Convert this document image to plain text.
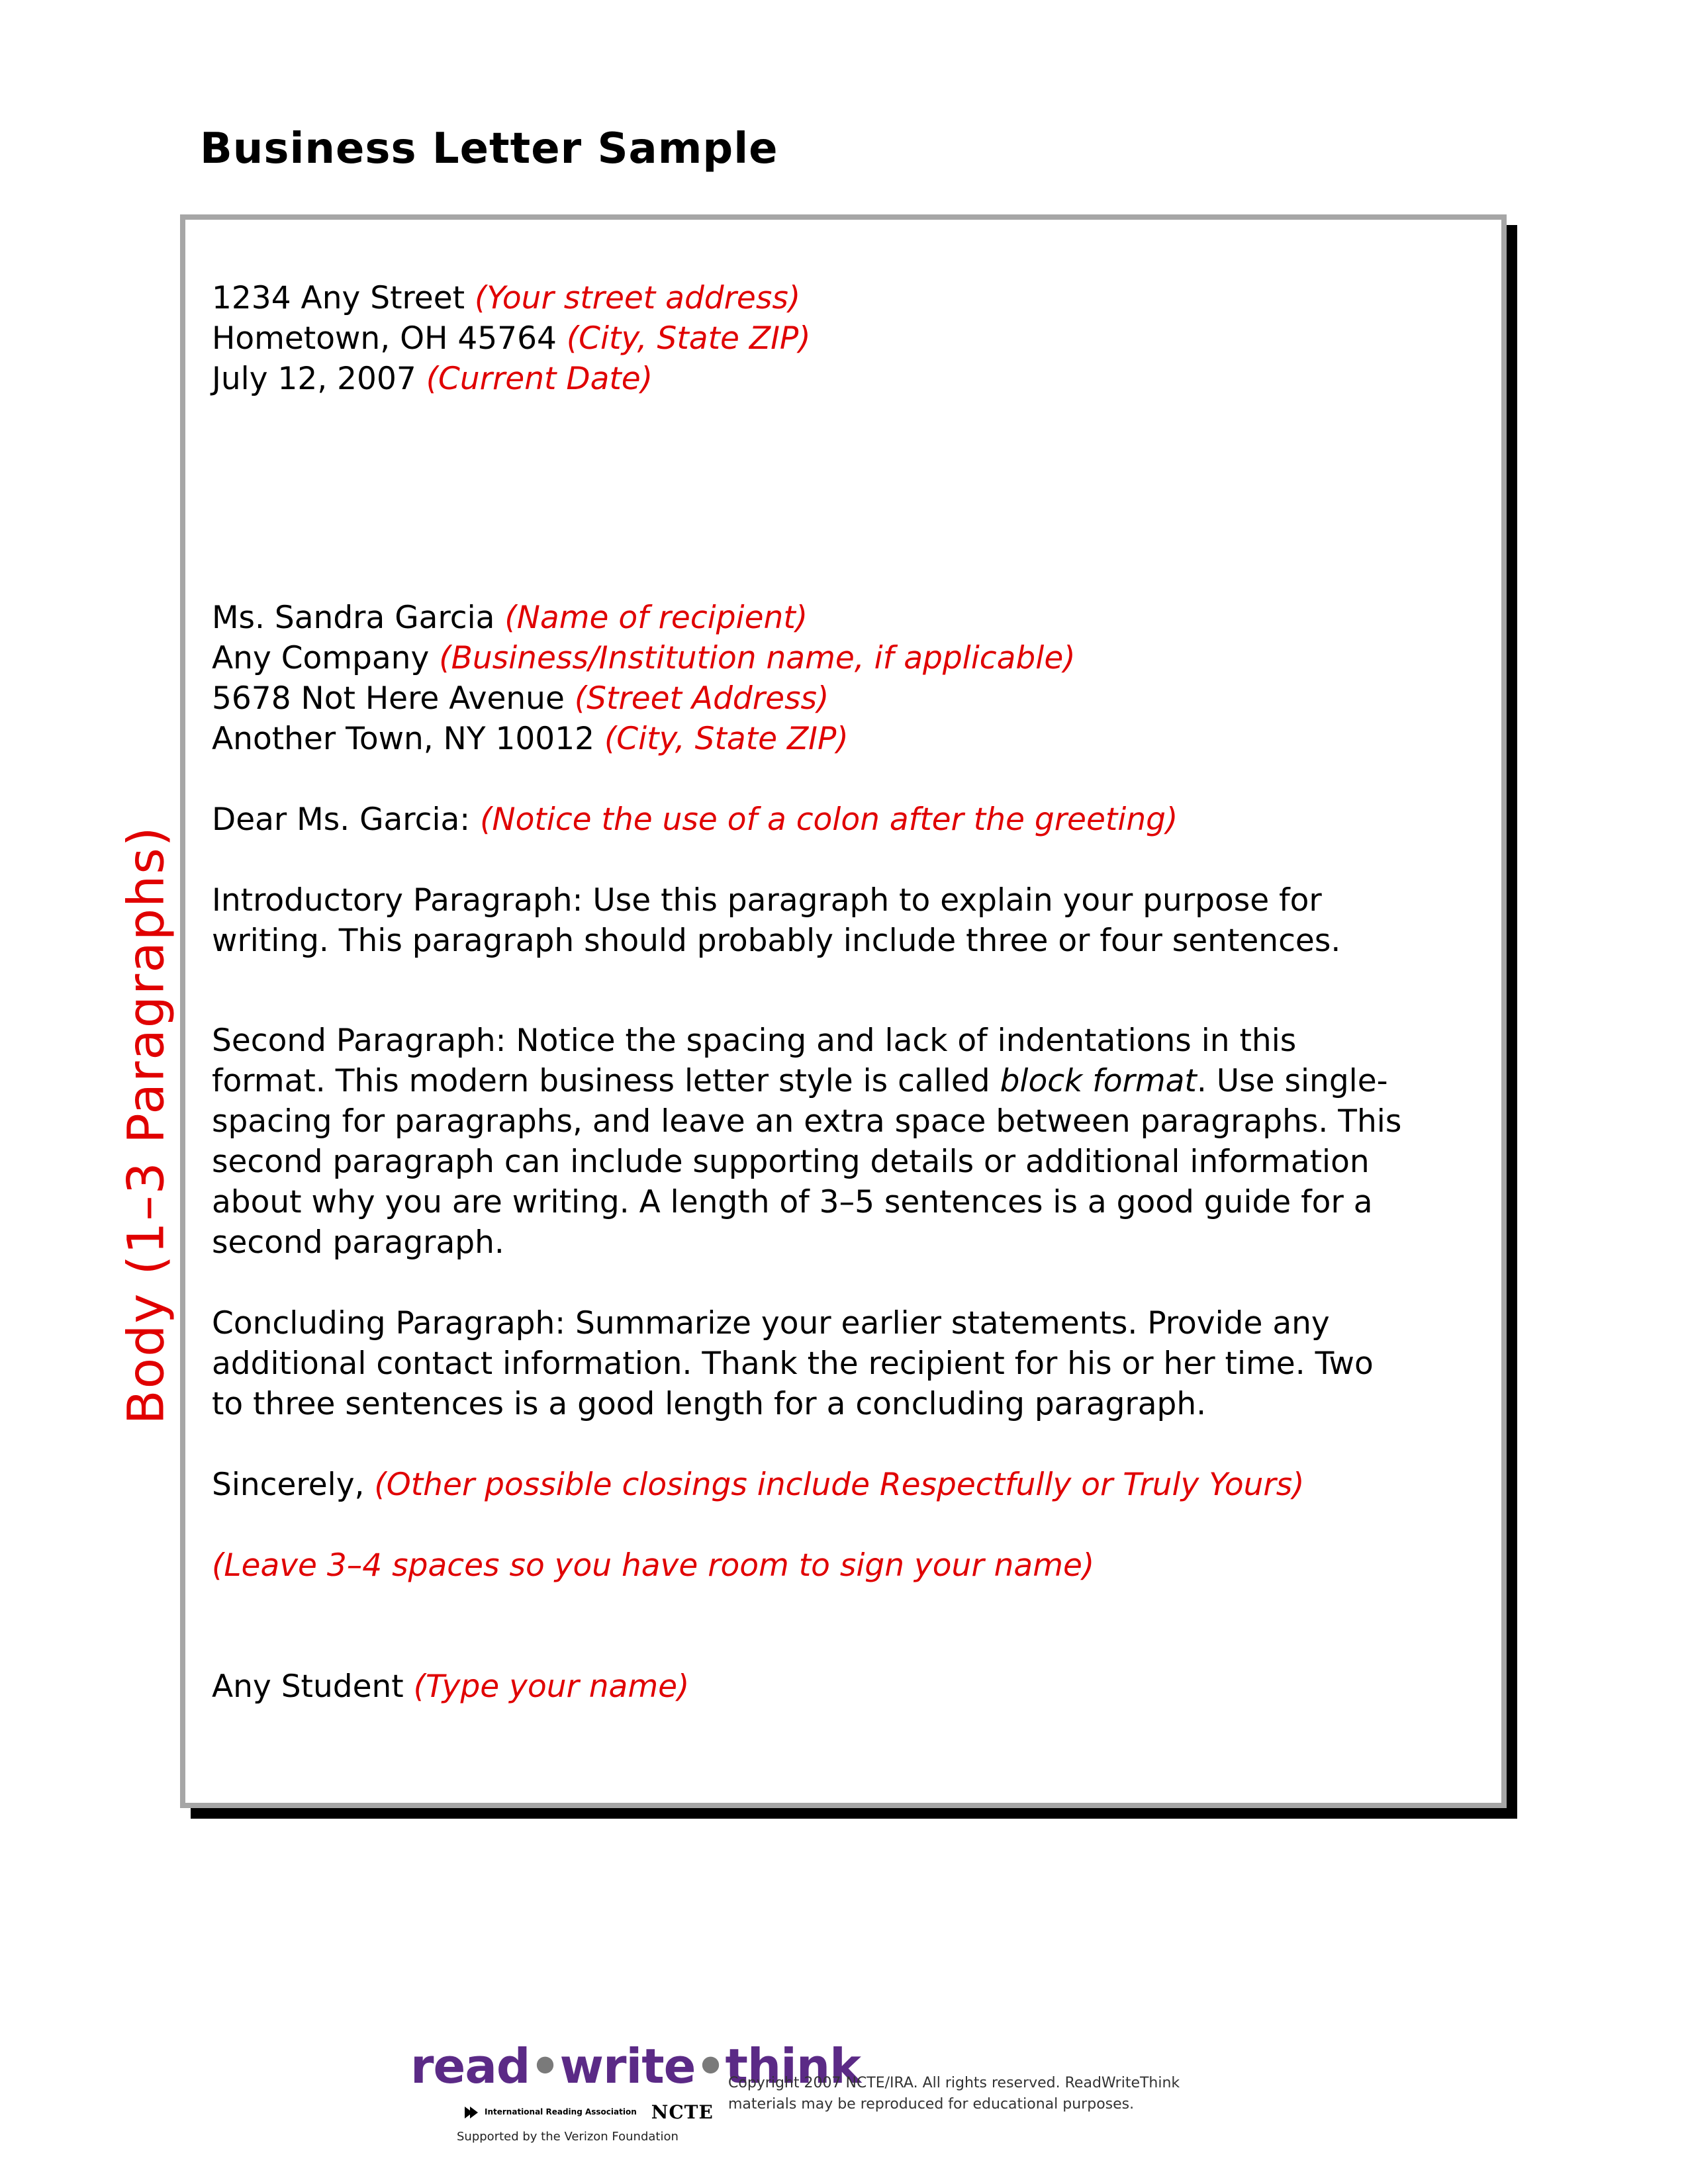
Business Letter Sample
Body (1–3 Paragraphs)

1234 Any Street (Your street address)

Hometown, OH 45764 (City, State ZIP)

July 12, 2007 (Current Date)

Ms. Sandra Garcia (Name of recipient)

Any Company (Business/Institution name, if applicable)

5678 Not Here Avenue (Street Address)

Another Town, NY 10012 (City, State ZIP)

Dear Ms. Garcia: (Notice the use of a colon after the greeting)

Introductory Paragraph: Use this paragraph to explain your purpose for

writing. This paragraph should probably include three or four sentences.

Second Paragraph: Notice the spacing and lack of indentations in this

format. This modern business letter style is called block format. Use single-

spacing for paragraphs, and leave an extra space between paragraphs. This

second paragraph can include supporting details or additional information

about why you are writing. A length of 3–5 sentences is a good guide for a

second paragraph.

Concluding Paragraph: Summarize your earlier statements. Provide any

additional contact information. Thank the recipient for his or her time. Two

to three sentences is a good length for a concluding paragraph.

Sincerely, (Other possible closings include Respectfully or Truly Yours)

(Leave 3–4 spaces so you have room to sign your name)

Any Student (Type your name)

read•write•think
International Reading Association NCTE
Supported by the Verizon Foundation
Copyright 2007 NCTE/IRA. All rights reserved. ReadWriteThink
materials may be reproduced for educational purposes.
